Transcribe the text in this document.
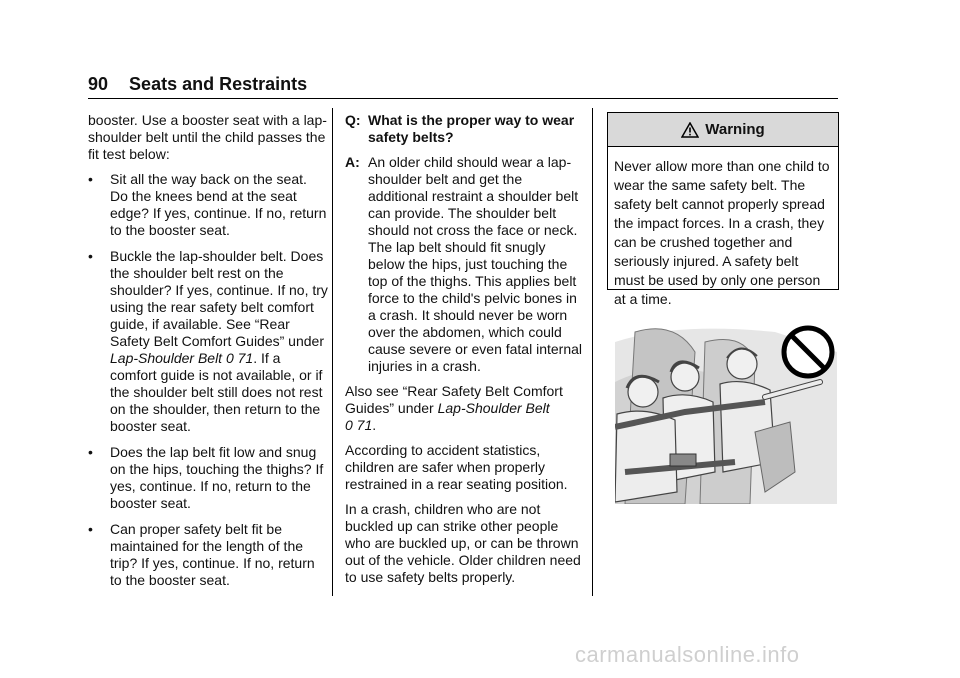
90 Seats and Restraints

booster. Use a booster seat with a lap-shoulder belt until the child passes the fit test below:

• Sit all the way back on the seat. Do the knees bend at the seat edge? If yes, continue. If no, return to the booster seat.
• Buckle the lap-shoulder belt. Does the shoulder belt rest on the shoulder? If yes, continue. If no, try using the rear safety belt comfort guide, if available. See “Rear Safety Belt Comfort Guides” under Lap-Shoulder Belt 0 71. If a comfort guide is not available, or if the shoulder belt still does not rest on the shoulder, then return to the booster seat.
• Does the lap belt fit low and snug on the hips, touching the thighs? If yes, continue. If no, return to the booster seat.
• Can proper safety belt fit be maintained for the length of the trip? If yes, continue. If no, return to the booster seat.
Q: What is the proper way to wear safety belts?
A: An older child should wear a lap-shoulder belt and get the additional restraint a shoulder belt can provide. The shoulder belt should not cross the face or neck. The lap belt should fit snugly below the hips, just touching the top of the thighs. This applies belt force to the child's pelvic bones in a crash. It should never be worn over the abdomen, which could cause severe or even fatal internal injuries in a crash.

Also see “Rear Safety Belt Comfort Guides” under Lap-Shoulder Belt
0 71.

According to accident statistics, children are safer when properly restrained in a rear seating position.

In a crash, children who are not buckled up can strike other people who are buckled up, or can be thrown out of the vehicle. Older children need to use safety belts properly.

Warning
Never allow more than one child to wear the same safety belt. The safety belt cannot properly spread the impact forces. In a crash, they can be crushed together and seriously injured. A safety belt must be used by only one person at a time.
carmanualsonline.info
